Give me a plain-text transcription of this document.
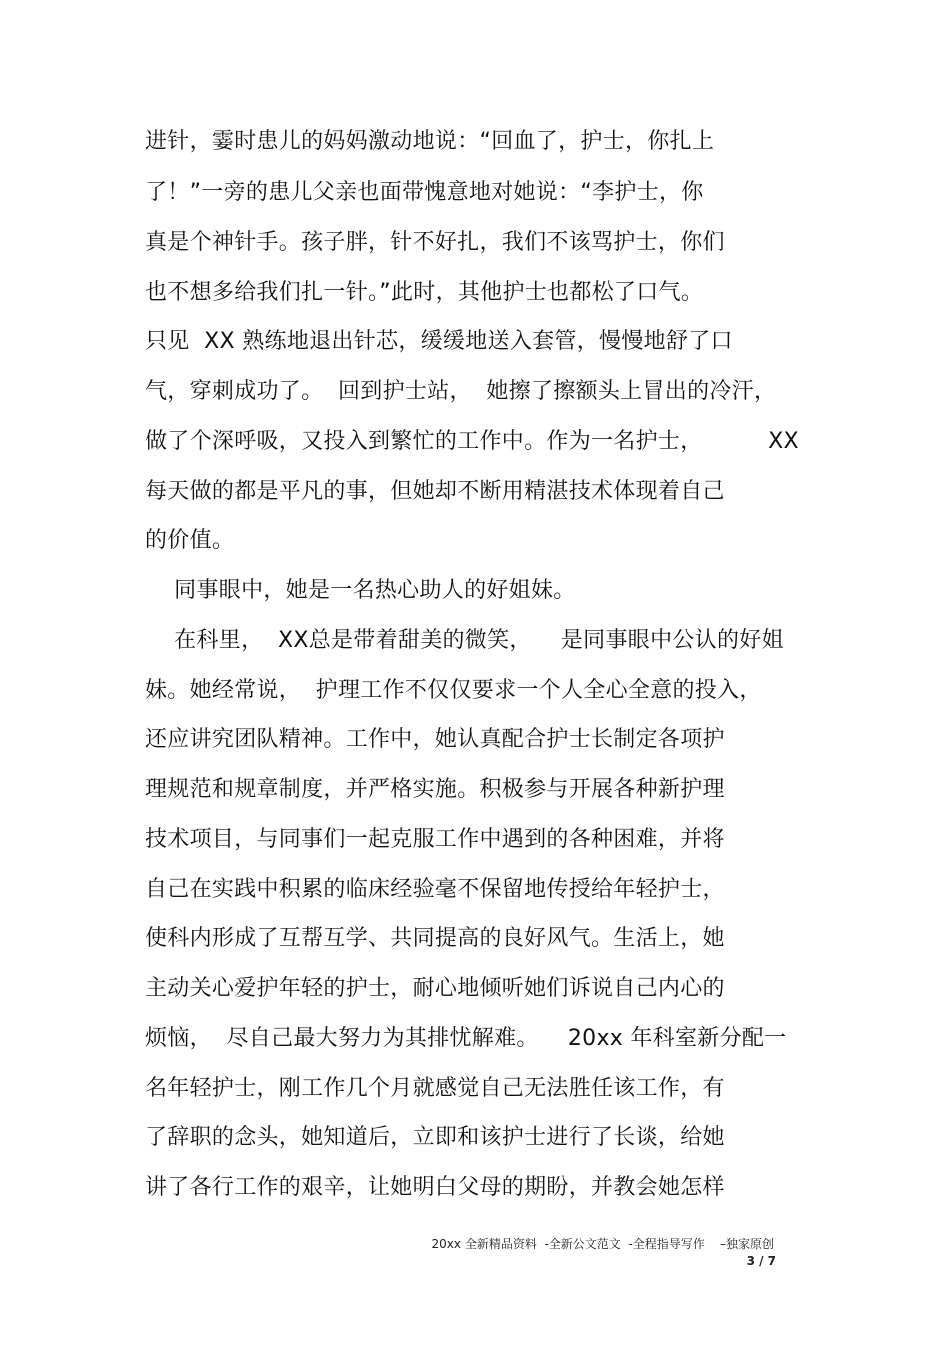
进针，霎时患儿的妈妈激动地说：“回血了，护士，你扎上
了！”一旁的患儿父亲也面带愧意地对她说：“李护士，你
真是个神针手。孩子胖，针不好扎，我们不该骂护士，你们
也不想多给我们扎一针。”此时，其他护士也都松了口气。
只见  XX 熟练地退出针芯，缓缓地送入套管，慢慢地舒了口
气，穿刺成功了。  回到护士站，  她擦了擦额头上冒出的冷汗，
做了个深呼吸，又投入到繁忙的工作中。作为一名护士，         XX
每天做的都是平凡的事，但她却不断用精湛技术体现着自己
的价值。
同事眼中，她是一名热心助人的好姐妹。
在科里，  XX总是带着甜美的微笑，    是同事眼中公认的好姐
妹。她经常说，  护理工作不仅仅要求一个人全心全意的投入，
还应讲究团队精神。工作中，她认真配合护士长制定各项护
理规范和规章制度，并严格实施。积极参与开展各种新护理
技术项目，与同事们一起克服工作中遇到的各种困难，并将
自己在实践中积累的临床经验毫不保留地传授给年轻护士，
使科内形成了互帮互学、共同提高的良好风气。生活上，她
主动关心爱护年轻的护士，耐心地倾听她们诉说自己内心的
烦恼，  尽自己最大努力为其排忧解难。    20xx 年科室新分配一
名年轻护士，刚工作几个月就感觉自己无法胜任该工作，有
了辞职的念头，她知道后，立即和该护士进行了长谈，给她
讲了各行工作的艰辛，让她明白父母的期盼，并教会她怎样
20xx 全新精品资料  -全新公文范文  -全程指导写作    –独家原创
3 / 7
